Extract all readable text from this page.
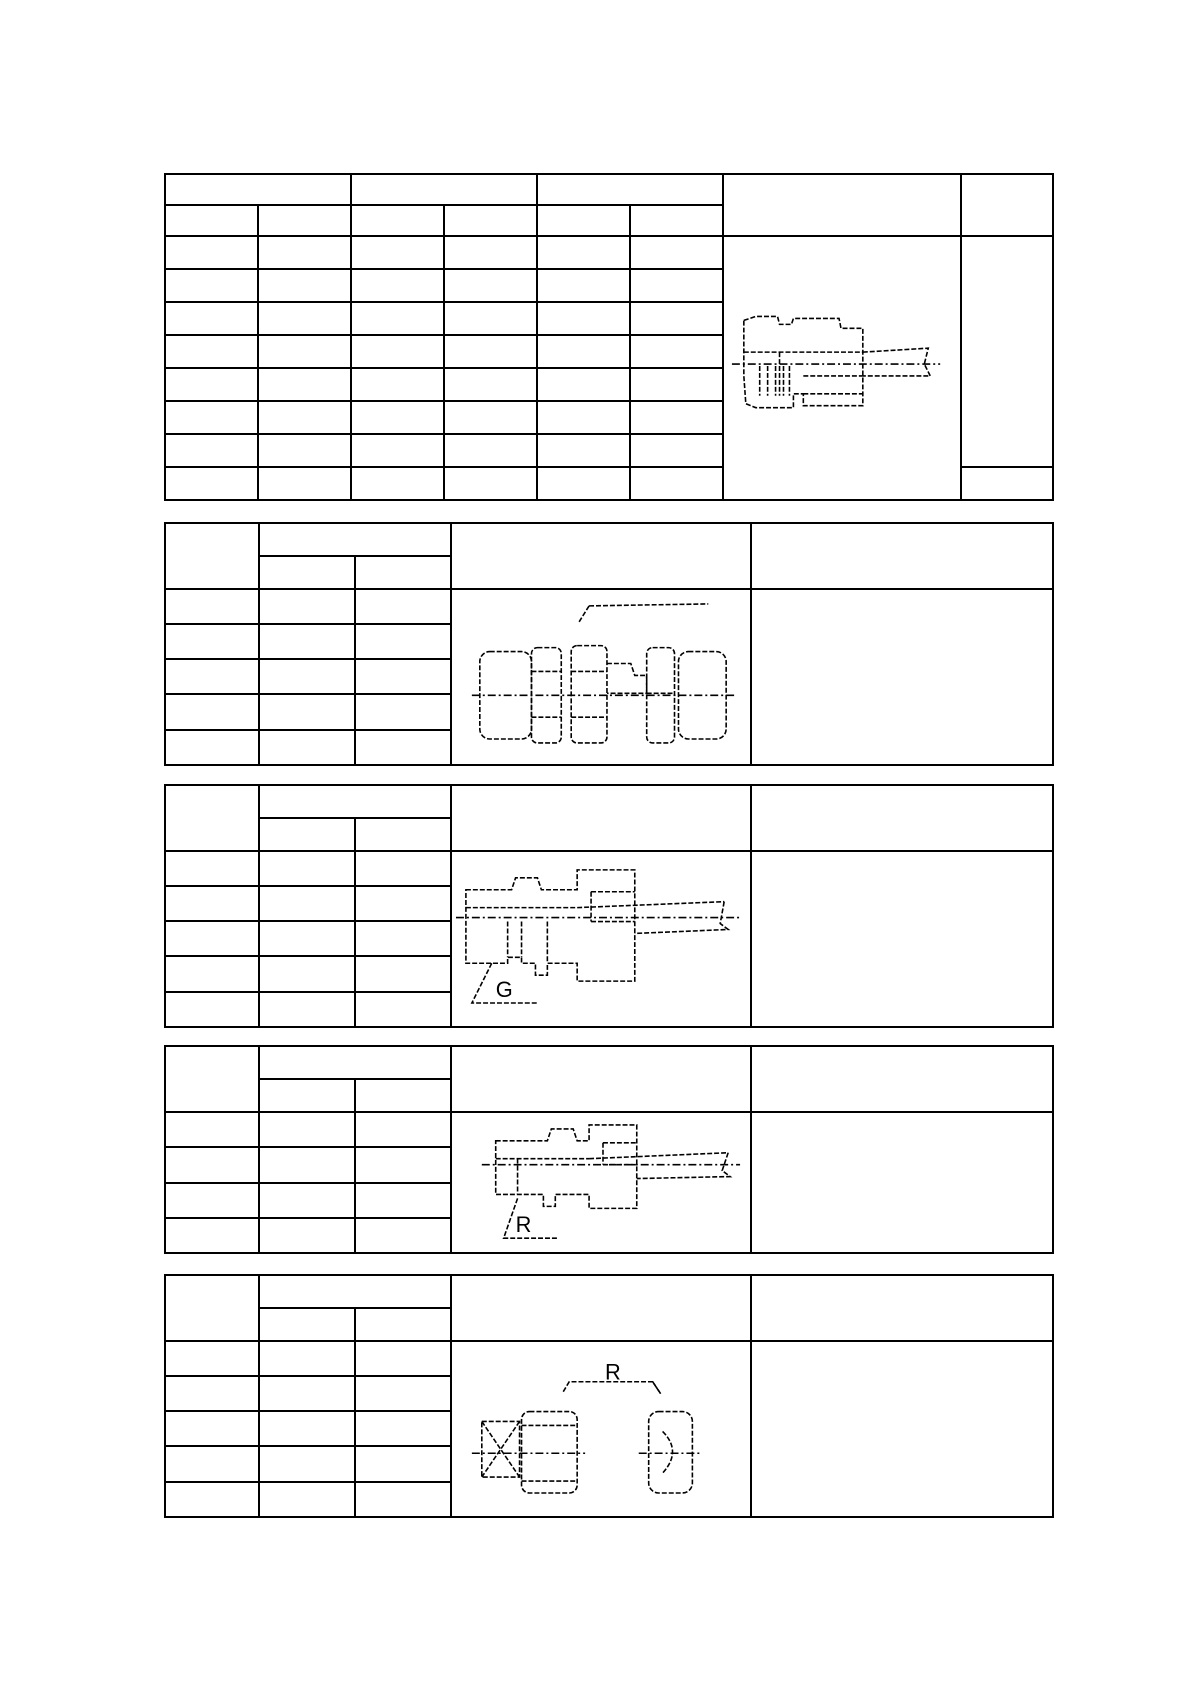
G	

R	

R	
